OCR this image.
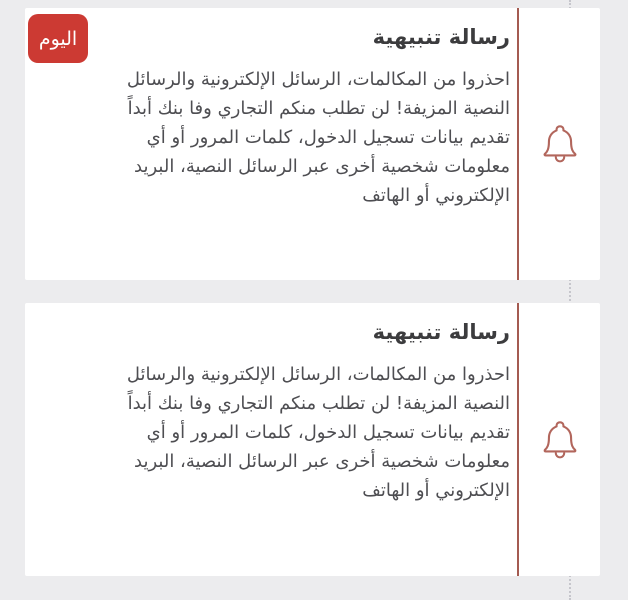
رسالة تنبيهية
احذروا من المكالمات، الرسائل الإلكترونية والرسائل
النصية المزيفة! لن تطلب منكم التجاري وفا بنك أبداً
تقديم بيانات تسجيل الدخول، كلمات المرور أو أي
معلومات شخصية أخرى عبر الرسائل النصية، البريد
الإلكتروني أو الهاتف
اليوم
رسالة تنبيهية
احذروا من المكالمات، الرسائل الإلكترونية والرسائل
النصية المزيفة! لن تطلب منكم التجاري وفا بنك أبداً
تقديم بيانات تسجيل الدخول، كلمات المرور أو أي
معلومات شخصية أخرى عبر الرسائل النصية، البريد
الإلكتروني أو الهاتف
